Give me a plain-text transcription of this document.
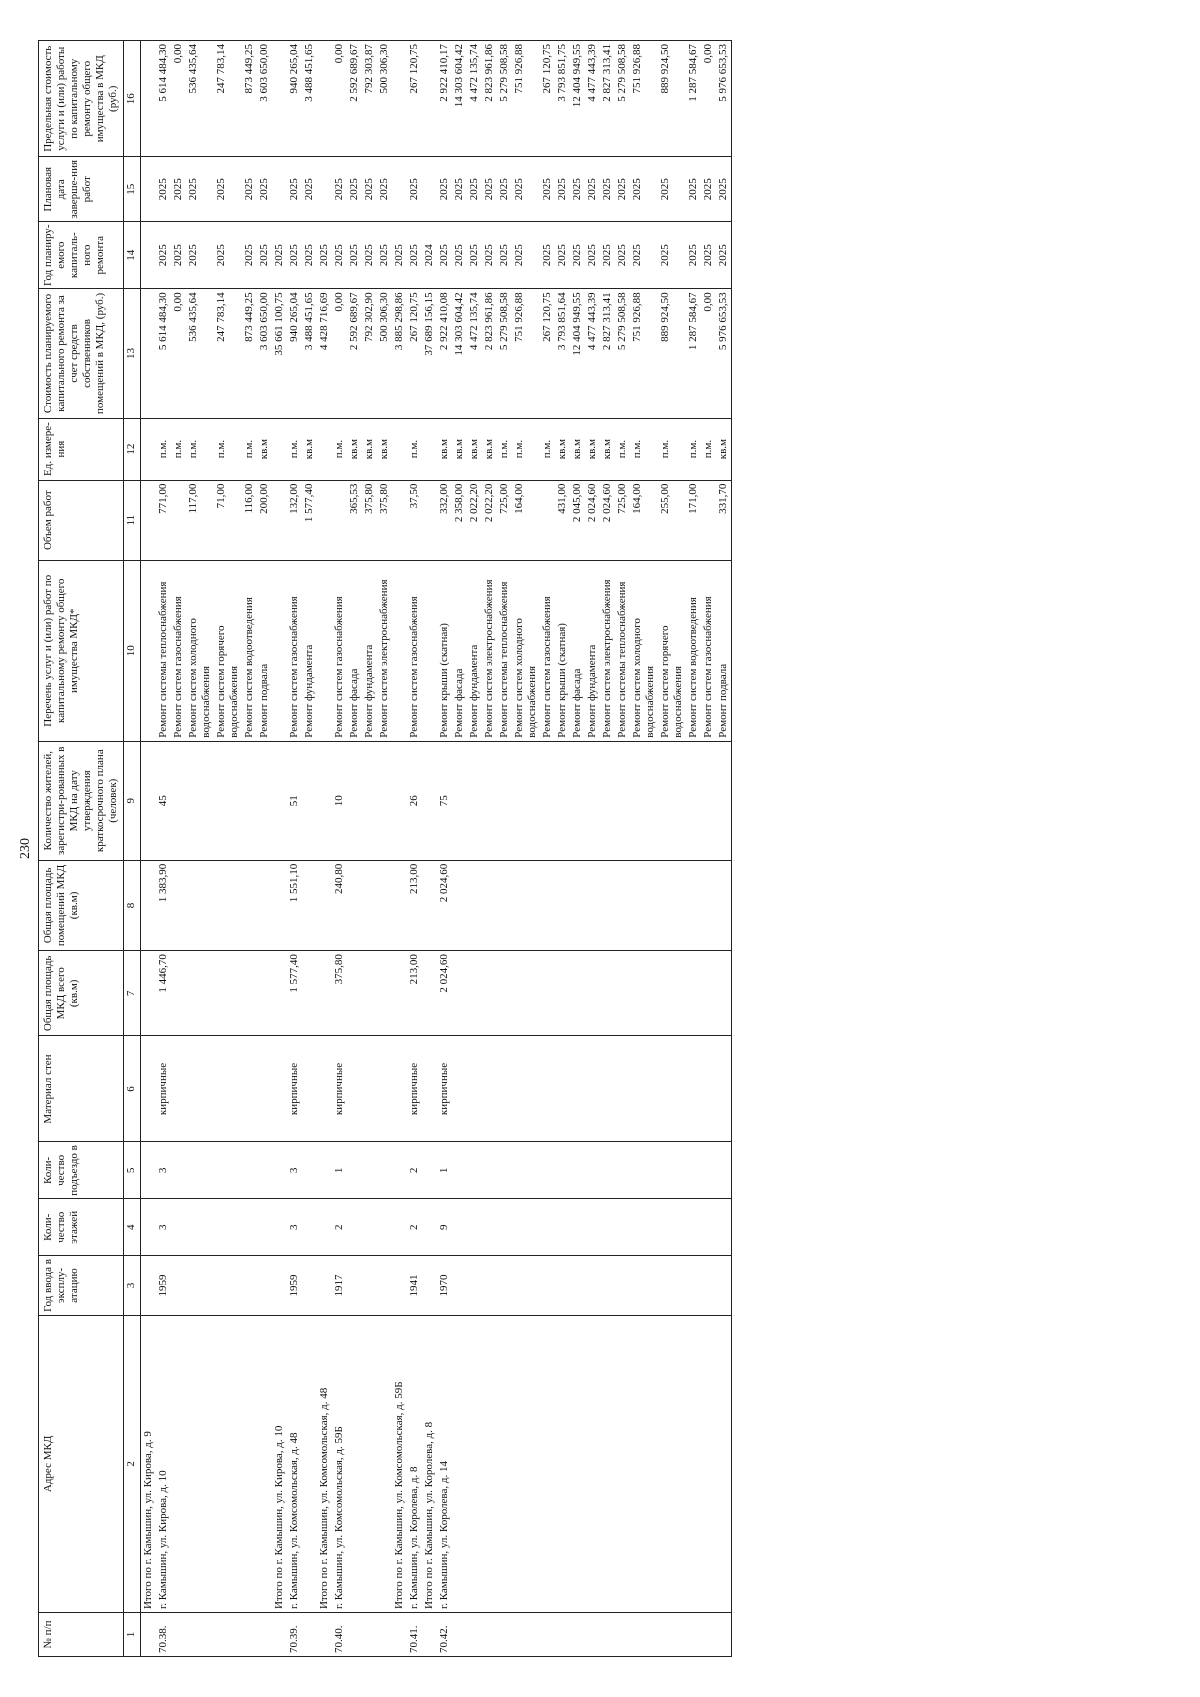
230
№ п/п	Адрес МКД	Год ввода в эксплу-атацию	Коли-чество этажей	Коли-чество подъездо в	Материал стен	Общая площадь МКД всего (кв.м)	Общая площадь помещений МКД (кв.м)	Количество жителей, зарегистри-рованных в МКД на дату утверждения краткосрочного плана (человек)	Перечень услуг и (или) работ по капитальному ремонту общего имущества МКД*	Объем работ	Ед. измере-ния	Стоимость планируемого капитального ремонта за счет средств собственников помещений в МКД, (руб.)	Год планиру-емого капиталь-ного ремонта	Плановая дата заверше-ния работ	Предельная стоимость услуги и (или) работы по капитальному ремонту общего имущества в МКД (руб.)
1	2	3	4	5	6	7	8	9	10	11	12	13	14	15	16
	Итого по г. Камышин, ул. Кирова, д. 9														
70.38.	г. Камышин, ул. Кирова, д. 10	1959	3	3	кирпичные	1 446,70	1 383,90	45	Ремонт системы теплоснабжения	771,00	п.м.	5 614 484,30	2025	2025	5 614 484,30
									Ремонт систем газоснабжения		п.м.	0,00	2025	2025	0,00
									Ремонт систем холодного водоснабжения	117,00	п.м.	536 435,64	2025	2025	536 435,64
									Ремонт систем горячего водоснабжения	71,00	п.м.	247 783,14	2025	2025	247 783,14
									Ремонт систем водоотведения	116,00	п.м.	873 449,25	2025	2025	873 449,25
									Ремонт подвала	200,00	кв.м	3 603 650,00	2025	2025	3 603 650,00
	Итого по г. Камышин, ул. Кирова, д. 10											35 661 100,75	2025		
70.39.	г. Камышин, ул. Комсомольская, д. 48	1959	3	3	кирпичные	1 577,40	1 551,10	51	Ремонт систем газоснабжения	132,00	п.м.	940 265,04	2025	2025	940 265,04
									Ремонт фундамента	1 577,40	кв.м	3 488 451,65	2025	2025	3 488 451,65
	Итого по г. Камышин, ул. Комсомольская, д. 48											4 428 716,69	2025		
70.40.	г. Камышин, ул. Комсомольская, д. 59Б	1917	2	1	кирпичные	375,80	240,80	10	Ремонт систем газоснабжения		п.м.	0,00	2025	2025	0,00
									Ремонт фасада	365,53	кв.м	2 592 689,67	2025	2025	2 592 689,67
									Ремонт фундамента	375,80	кв.м	792 302,90	2025	2025	792 303,87
									Ремонт систем электроснабжения	375,80	кв.м	500 306,30	2025	2025	500 306,30
	Итого по г. Камышин, ул. Комсомольская, д. 59Б											3 885 298,86	2025		
70.41.	г. Камышин, ул. Королева, д. 8	1941	2	2	кирпичные	213,00	213,00	26	Ремонт систем газоснабжения	37,50	п.м.	267 120,75	2025	2025	267 120,75
	Итого по г. Камышин, ул. Королева, д. 8											37 689 156,15	2024		
70.42.	г. Камышин, ул. Королева, д. 14	1970	9	1	кирпичные	2 024,60	2 024,60	75	Ремонт крыши (скатная)	332,00	кв.м	2 922 410,08	2025	2025	2 922 410,17
									Ремонт фасада	2 358,00	кв.м	14 303 604,42	2025	2025	14 303 604,42
									Ремонт фундамента	2 022,20	кв.м	4 472 135,74	2025	2025	4 472 135,74
									Ремонт систем электроснабжения	2 022,20	кв.м	2 823 961,86	2025	2025	2 823 961,86
									Ремонт системы теплоснабжения	725,00	п.м.	5 279 508,58	2025	2025	5 279 508,58
									Ремонт систем холодного водоснабжения	164,00	п.м.	751 926,88	2025	2025	751 926,88
									Ремонт систем газоснабжения		п.м.	267 120,75	2025	2025	267 120,75
									Ремонт крыши (скатная)	431,00	кв.м	3 793 851,64	2025	2025	3 793 851,75
									Ремонт фасада	2 045,00	кв.м	12 404 949,55	2025	2025	12 404 949,55
									Ремонт фундамента	2 024,60	кв.м	4 477 443,39	2025	2025	4 477 443,39
									Ремонт систем электроснабжения	2 024,60	кв.м	2 827 313,41	2025	2025	2 827 313,41
									Ремонт системы теплоснабжения	725,00	п.м.	5 279 508,58	2025	2025	5 279 508,58
									Ремонт систем холодного водоснабжения	164,00	п.м.	751 926,88	2025	2025	751 926,88
									Ремонт систем горячего водоснабжения	255,00	п.м.	889 924,50	2025	2025	889 924,50
									Ремонт систем водоотведения	171,00	п.м.	1 287 584,67	2025	2025	1 287 584,67
									Ремонт систем газоснабжения		п.м.	0,00	2025	2025	0,00
									Ремонт подвала	331,70	кв.м	5 976 653,53	2025	2025	5 976 653,53
